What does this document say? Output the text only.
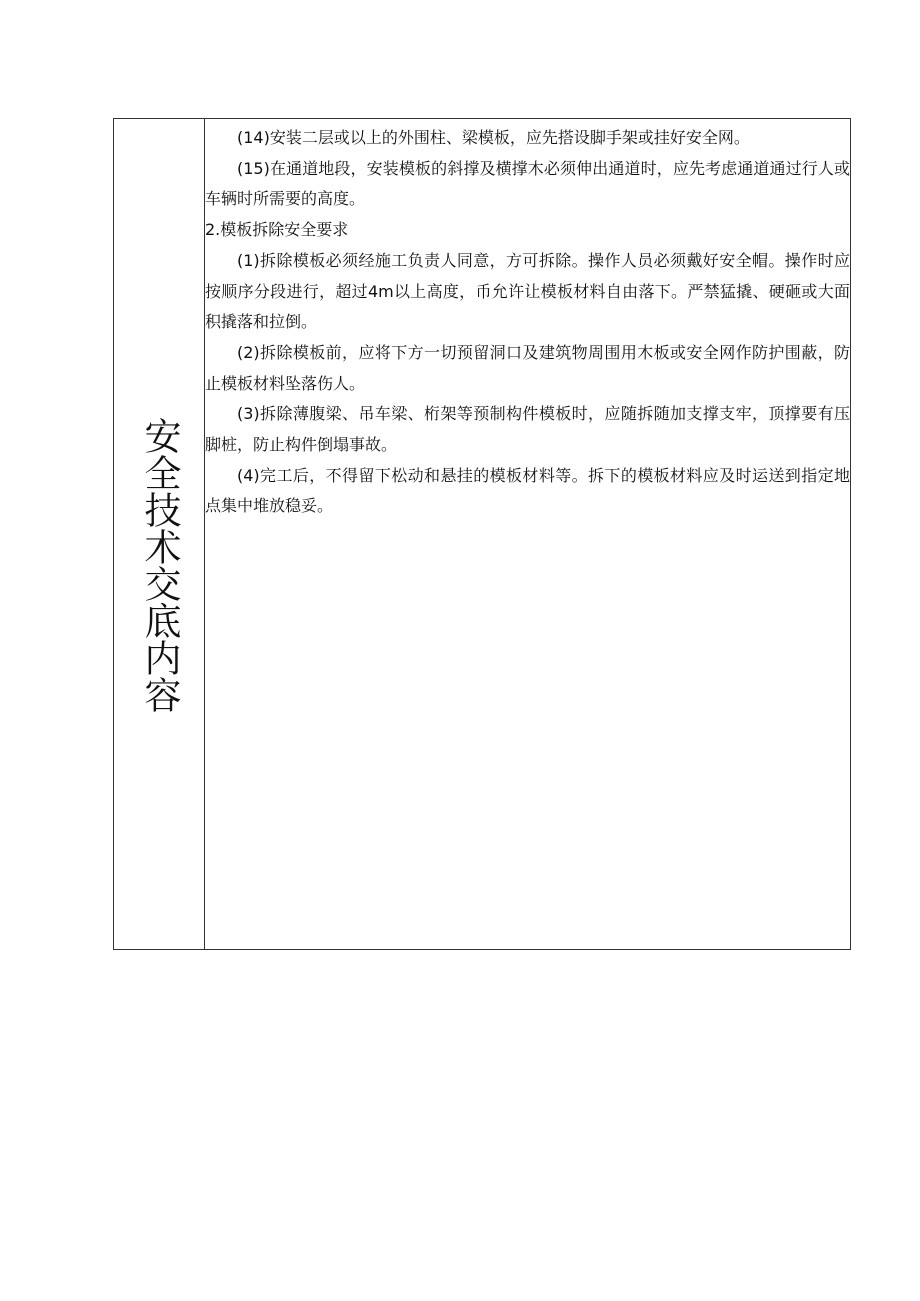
安全技术交底内容

(14)安装二层或以上的外围柱、梁模板，应先搭设脚手架或挂好安全网。

(15)在通道地段，安装模板的斜撑及横撑木必须伸出通道时，应先考虑通道通过行人或车辆时所需要的高度。

2.模板拆除安全要求

(1)拆除模板必须经施工负责人同意，方可拆除。操作人员必须戴好安全帽。操作时应按顺序分段进行，超过4m以上高度，币允许让模板材料自由落下。严禁猛撬、硬砸或大面积撬落和拉倒。

(2)拆除模板前，应将下方一切预留洞口及建筑物周围用木板或安全网作防护围蔽，防止模板材料坠落伤人。

(3)拆除薄腹梁、吊车梁、桁架等预制构件模板时，应随拆随加支撑支牢，顶撑要有压脚桩，防止构件倒塌事故。

(4)完工后，不得留下松动和悬挂的模板材料等。拆下的模板材料应及时运送到指定地点集中堆放稳妥。
